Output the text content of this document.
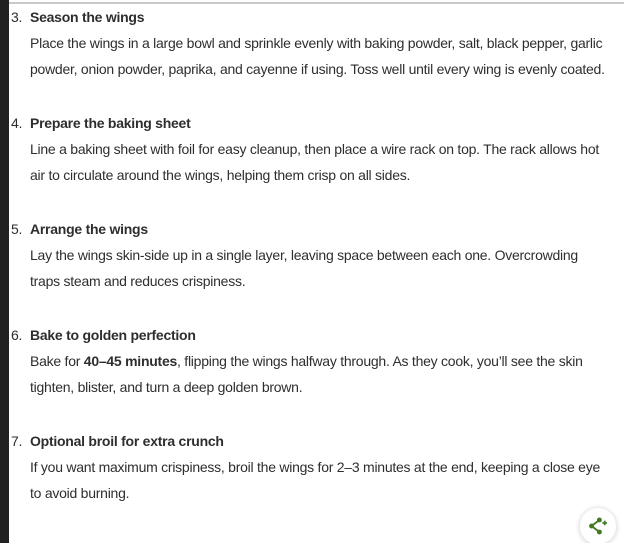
3. Season the wings

Place the wings in a large bowl and sprinkle evenly with baking powder, salt, black pepper, garlic powder, onion powder, paprika, and cayenne if using. Toss well until every wing is evenly coated.

4. Prepare the baking sheet

Line a baking sheet with foil for easy cleanup, then place a wire rack on top. The rack allows hot air to circulate around the wings, helping them crisp on all sides.

5. Arrange the wings

Lay the wings skin-side up in a single layer, leaving space between each one. Overcrowding traps steam and reduces crispiness.

6. Bake to golden perfection

Bake for 40–45 minutes, flipping the wings halfway through. As they cook, you’ll see the skin tighten, blister, and turn a deep golden brown.

7. Optional broil for extra crunch

If you want maximum crispiness, broil the wings for 2–3 minutes at the end, keeping a close eye to avoid burning.
